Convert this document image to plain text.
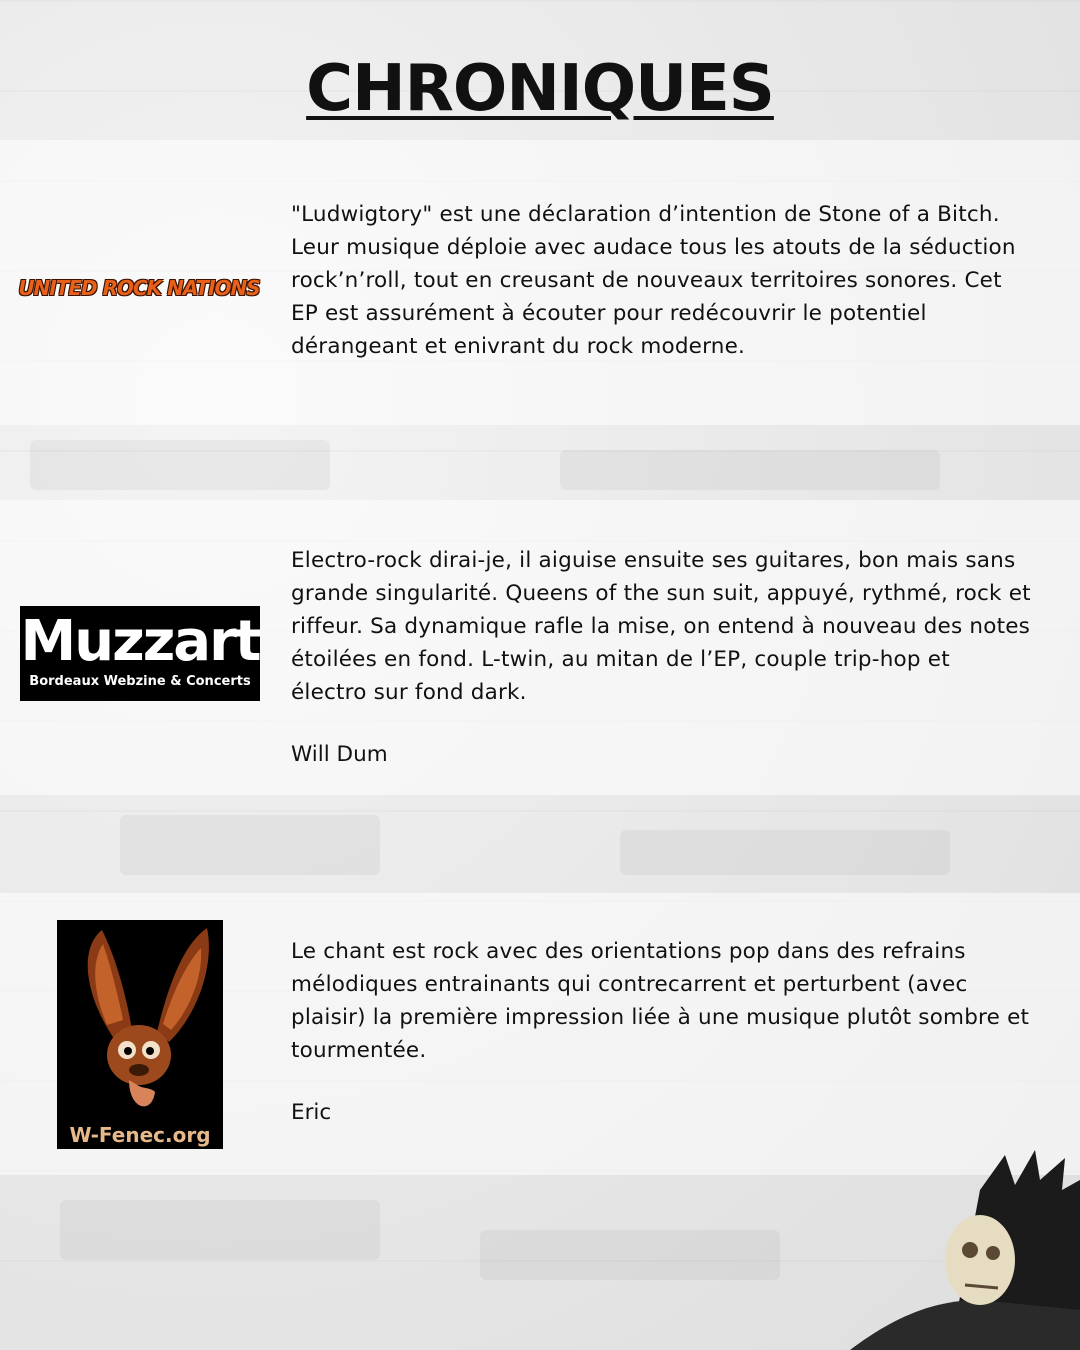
CHRONIQUES
UNITED ROCK NATIONS
"Ludwigtory" est une déclaration d’intention de Stone of a Bitch. Leur musique déploie avec audace tous les atouts de la séduction rock’n’roll, tout en creusant de nouveaux territoires sonores. Cet EP est assurément à écouter pour redécouvrir le potentiel dérangeant et enivrant du rock moderne.
Muzzart
Bordeaux Webzine & Concerts
Electro-rock dirai-je, il aiguise ensuite ses guitares, bon mais sans grande singularité. Queens of the sun suit, appuyé, rythmé, rock et riffeur. Sa dynamique rafle la mise, on entend à nouveau des notes étoilées en fond. L-twin, au mitan de l’EP, couple trip-hop et électro sur fond dark.
Will Dum
W-Fenec.org
Le chant est rock avec des orientations pop dans des refrains mélodiques entrainants qui contrecarrent et perturbent (avec plaisir) la première impression liée à une musique plutôt sombre et tourmentée.
Eric
